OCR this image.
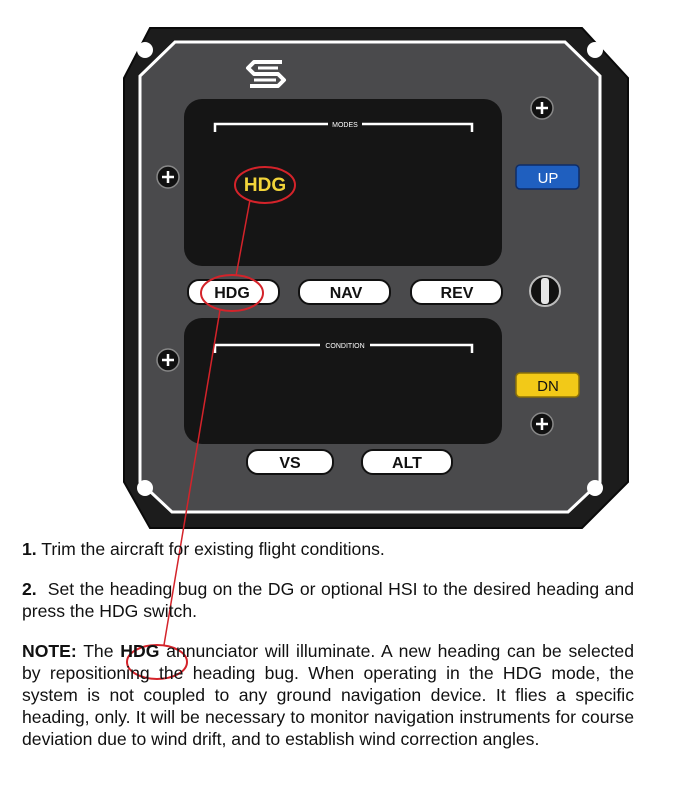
MODES
HDG
HDG	NAV	REV
CONDITION
VS	ALT
UP
DN

1. Trim the aircraft for existing flight conditions.

2. Set the heading bug on the DG or optional HSI to the desired heading and press the HDG switch.

NOTE: The HDG annunciator will illuminate. A new heading can be selected by repositioning the heading bug. When operating in the HDG mode, the system is not coupled to any ground navigation device. It flies a specific heading, only. It will be necessary to monitor navigation instruments for course deviation due to wind drift, and to establish wind correction angles.
